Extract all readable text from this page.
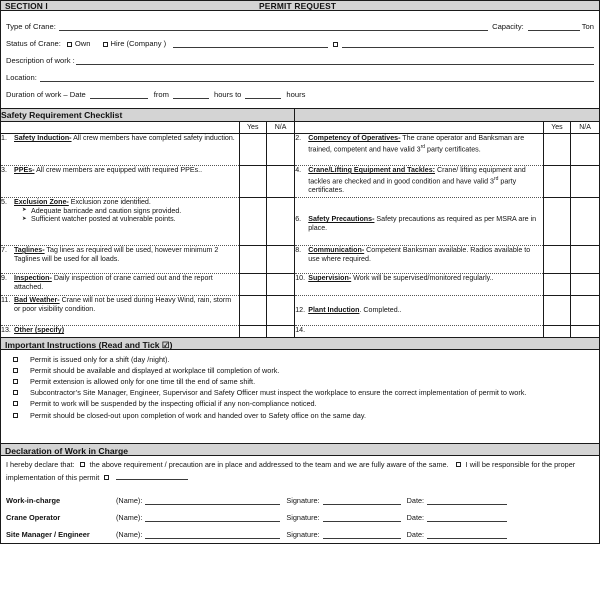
SECTION I	PERMIT REQUEST
Type of Crane:	Capacity:	Ton
Status of Crane: Own	Hire (Company )
Description of work :
Location:
Duration of work – Date	from	hours to	hours
Safety Requirement Checklist					
	Yes	N/A		Yes	N/A
1. Safety Induction- All crew members have completed safety induction.			2. Competency of Operatives- The crane operator and Banksman are trained, competent and have valid 3rd party certificates.		
3. PPEs- All crew members are equipped with required PPEs..			4. Crane/Lifting Equipment and Tackles: Crane/ lifting equipment and tackles are checked and in good condition and have valid 3rd party certificates.		
5. Exclusion Zone- Exclusion zone identified.
➤ Adequate barricade and caution signs provided.
➤ Sufficient watcher posted at vulnerable points.			6. Safety Precautions- Safety precautions as required as per MSRA are in place.		
7. Taglines- Tag lines as required will be used, however minimum 2 Taglines will be used for all loads.			8. Communication- Competent Banksman available. Radios available to use where required.		
9. Inspection- Daily inspection of crane carried out and the report attached.			10. Supervision- Work will be supervised/monitored regularly..		
11. Bad Weather- Crane will not be used during Heavy Wind, rain, storm or poor visibility condition.			12. Plant Induction. Completed..		
13. Other (specify)			14.		
Important Instructions (Read and Tick ☑)
Permit is issued only for a shift (day /night).
Permit should be available and displayed at workplace till completion of work.
Permit extension is allowed only for one time till the end of same shift.
Subcontractor’s Site Manager, Engineer, Supervisor and Safety Officer must inspect the workplace to ensure the correct implementation of permit to work.
Permit to work will be suspended by the inspecting official if any non-compliance noticed.
Permit should be closed-out upon completion of work and handed over to Safety office on the same day.
Declaration of Work in Charge
I hereby declare that: the above requirement / precaution are in place and addressed to the team and we are fully aware of the same. I will be responsible for the proper implementation of this permit
Work-in-charge	(Name):	Signature:	Date:
Crane Operator	(Name):	Signature:	Date:
Site Manager / Engineer	(Name):	Signature:	Date:
